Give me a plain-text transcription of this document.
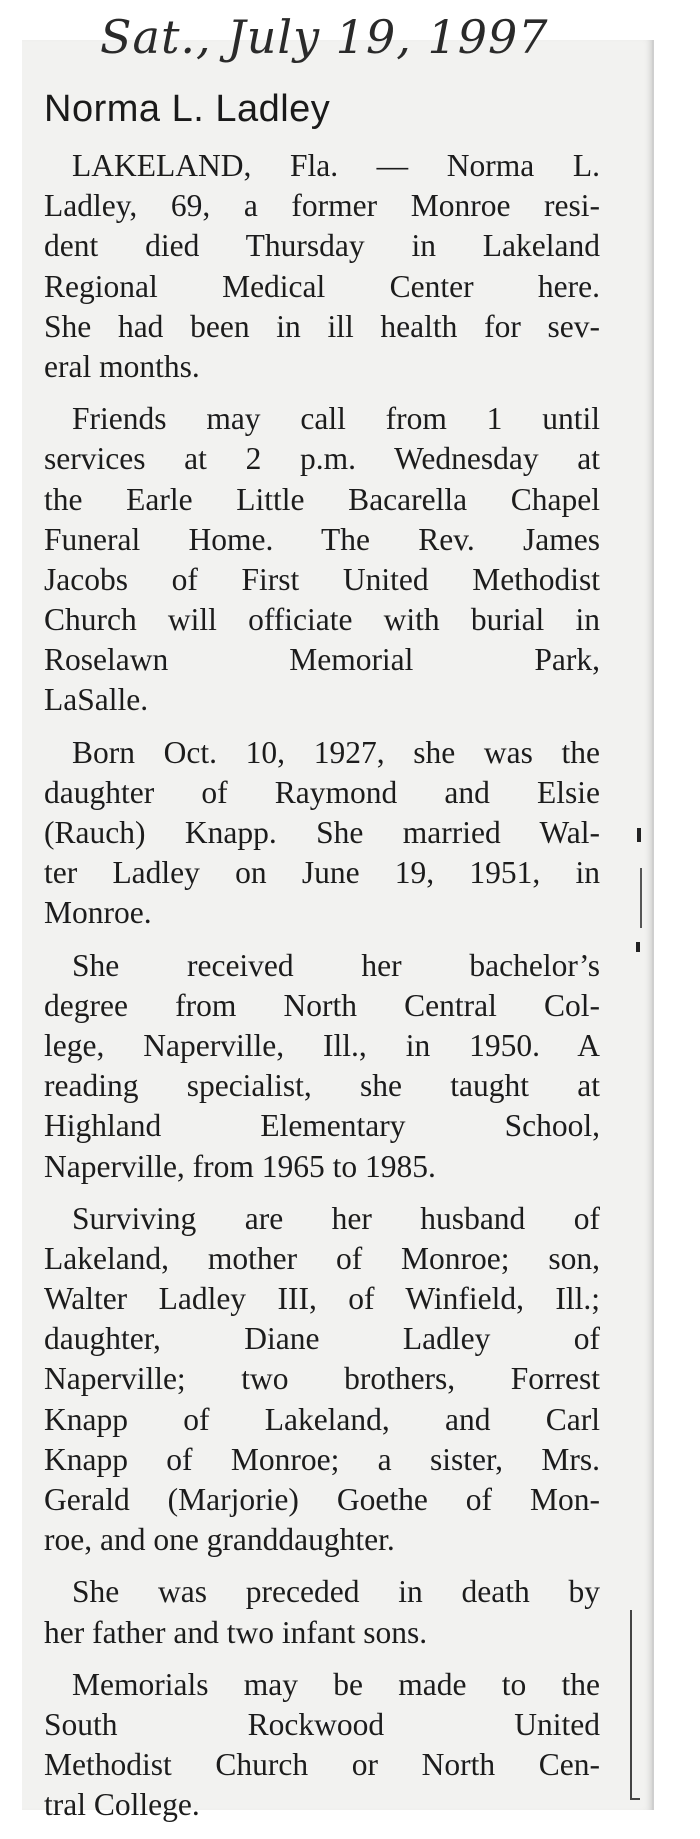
Sat., July 19, 1997
Norma L. Ladley
LAKELAND, Fla. — Norma L.
Ladley, 69, a former Monroe resi-
dent died Thursday in Lakeland
Regional Medical Center here.
She had been in ill health for sev-
eral months.
Friends may call from 1 until
services at 2 p.m. Wednesday at
the Earle Little Bacarella Chapel
Funeral Home. The Rev. James
Jacobs of First United Methodist
Church will officiate with burial in
Roselawn Memorial Park,
LaSalle.
Born Oct. 10, 1927, she was the
daughter of Raymond and Elsie
(Rauch) Knapp. She married Wal-
ter Ladley on June 19, 1951, in
Monroe.
She received her bachelor’s
degree from North Central Col-
lege, Naperville, Ill., in 1950. A
reading specialist, she taught at
Highland Elementary School,
Naperville, from 1965 to 1985.
Surviving are her husband of
Lakeland, mother of Monroe; son,
Walter Ladley III, of Winfield, Ill.;
daughter, Diane Ladley of
Naperville; two brothers, Forrest
Knapp of Lakeland, and Carl
Knapp of Monroe; a sister, Mrs.
Gerald (Marjorie) Goethe of Mon-
roe, and one granddaughter.
She was preceded in death by
her father and two infant sons.
Memorials may be made to the
South Rockwood United
Methodist Church or North Cen-
tral College.
